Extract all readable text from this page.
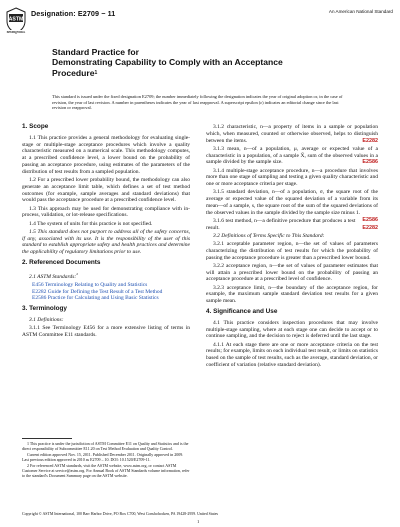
ASTM
INTERNATIONAL
Designation: E2709 − 11	An American National Standard
Standard Practice for
Demonstrating Capability to Comply with an Acceptance
Procedure$^1$
This standard is issued under the fixed designation E2709; the number immediately following the designation indicates the year of original adoption or, in the case of revision, the year of last revision. A number in parentheses indicates the year of last reapproval. A superscript epsilon (ε) indicates an editorial change since the last revision or reapproval.
1. Scope

1.1 This practice provides a general methodology for evaluating single-stage or multiple-stage acceptance procedures which involve a quality characteristic measured on a numerical scale. This methodology computes, at a prescribed confidence level, a lower bound on the probability of passing an acceptance procedure, using estimates of the parameters of the distribution of test results from a sampled population.

1.2 For a prescribed lower probability bound, the methodology can also generate an acceptance limit table, which defines a set of test method outcomes (for example, sample averages and standard deviations) that would pass the acceptance procedure at a prescribed confidence level.

1.3 This approach may be used for demonstrating compliance with in-process, validation, or lot-release specifications.

1.4 The system of units for this practice is not specified.

1.5 This standard does not purport to address all of the safety concerns, if any, associated with its use. It is the responsibility of the user of this standard to establish appropriate safety and health practices and determine the applicability of regulatory limitations prior to use.

2. Referenced Documents

2.1 ASTM Standards:$^2$

E456 Terminology Relating to Quality and Statistics

E2282 Guide for Defining the Test Result of a Test Method

E2586 Practice for Calculating and Using Basic Statistics

3. Terminology

3.1 Definitions:

3.1.1 See Terminology E456 for a more extensive listing of terms in ASTM Committee E11 standards.

1 This practice is under the jurisdiction of ASTM Committee E11 on Quality and Statistics and is the direct responsibility of Subcommittee E11.20 on Test Method Evaluation and Quality Control.

Current edition approved Nov. 15, 2011. Published December 2011. Originally approved in 2009. Last previous edition approved in 2010 as E2709 – 10. DOI: 10.1520/E2709-11.

2 For referenced ASTM standards, visit the ASTM website, www.astm.org, or contact ASTM Customer Service at service@astm.org. For Annual Book of ASTM Standards volume information, refer to the standard's Document Summary page on the ASTM website.

3.1.2 characteristic, n—a property of items in a sample or population which, when measured, counted or otherwise observed, helps to distinguish between the items.	E2282

3.1.3 mean, n—of a population, μ, average or expected value of a characteristic in a population, of a sample X̄, sum of the observed values in a sample divided by the sample size.	E2586

3.1.4 multiple-stage acceptance procedure, n—a procedure that involves more than one stage of sampling and testing a given quality characteristic and one or more acceptance criteria per stage.

3.1.5 standard deviation, n—of a population, σ, the square root of the average or expected value of the squared deviation of a variable from its mean—of a sample, s, the square root of the sum of the squared deviations of the observed values in the sample divided by the sample size minus 1.
E2586

3.1.6 test method, n—a definitive procedure that produces a test result.	E2282

3.2 Definitions of Terms Specific to This Standard:

3.2.1 acceptable parameter region, n—the set of values of parameters characterizing the distribution of test results for which the probability of passing the acceptance procedure is greater than a prescribed lower bound.

3.2.2 acceptance region, n—the set of values of parameter estimates that will attain a prescribed lower bound on the probability of passing an acceptance procedure at a prescribed level of confidence.

3.2.3 acceptance limit, n—the boundary of the acceptance region, for example, the maximum sample standard deviation test results for a given sample mean.

4. Significance and Use

4.1 This practice considers inspection procedures that may involve multiple-stage sampling, where at each stage one can decide to accept or to continue sampling, and the decision to reject is deferred until the last stage.

4.1.1 At each stage there are one or more acceptance criteria on the test results; for example, limits on each individual test result, or limits on statistics based on the sample of test results, such as the average, standard deviation, or coefficient of variation (relative standard deviation).

Copyright © ASTM International, 100 Barr Harbor Drive, PO Box C700, West Conshohocken, PA 19428-2959. United States
1
